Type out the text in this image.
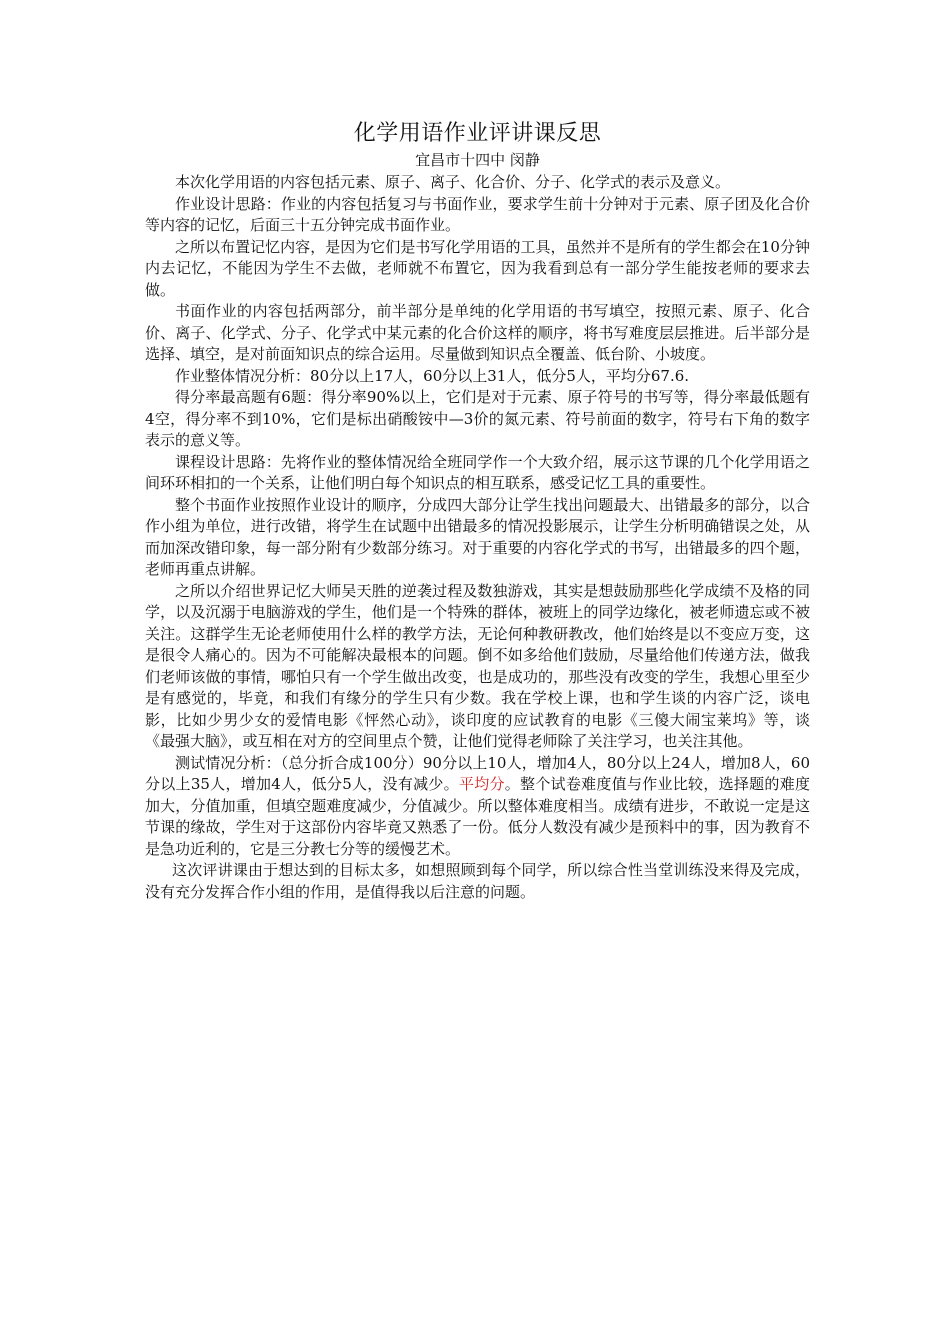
化学用语作业评讲课反思
宜昌市十四中 闵静

本次化学用语的内容包括元素、原子、离子、化合价、分子、化学式的表示及意义。

作业设计思路：作业的内容包括复习与书面作业，要求学生前十分钟对于元素、原子团及化合价等内容的记忆，后面三十五分钟完成书面作业。

之所以布置记忆内容，是因为它们是书写化学用语的工具，虽然并不是所有的学生都会在10分钟内去记忆，不能因为学生不去做，老师就不布置它，因为我看到总有一部分学生能按老师的要求去做。

书面作业的内容包括两部分，前半部分是单纯的化学用语的书写填空，按照元素、原子、化合价、离子、化学式、分子、化学式中某元素的化合价这样的顺序，将书写难度层层推进。后半部分是选择、填空，是对前面知识点的综合运用。尽量做到知识点全覆盖、低台阶、小坡度。

作业整体情况分析：80分以上17人，60分以上31人，低分5人，平均分67.6.

得分率最高题有6题：得分率90%以上，它们是对于元素、原子符号的书写等，得分率最低题有4空，得分率不到10%，它们是标出硝酸铵中—3价的氮元素、符号前面的数字，符号右下角的数字表示的意义等。

课程设计思路：先将作业的整体情况给全班同学作一个大致介绍，展示这节课的几个化学用语之间环环相扣的一个关系，让他们明白每个知识点的相互联系，感受记忆工具的重要性。

整个书面作业按照作业设计的顺序，分成四大部分让学生找出问题最大、出错最多的部分，以合作小组为单位，进行改错，将学生在试题中出错最多的情况投影展示，让学生分析明确错误之处，从而加深改错印象，每一部分附有少数部分练习。对于重要的内容化学式的书写，出错最多的四个题，老师再重点讲解。

之所以介绍世界记忆大师吴天胜的逆袭过程及数独游戏，其实是想鼓励那些化学成绩不及格的同学，以及沉溺于电脑游戏的学生，他们是一个特殊的群体，被班上的同学边缘化，被老师遗忘或不被关注。这群学生无论老师使用什么样的教学方法，无论何种教研教改，他们始终是以不变应万变，这是很令人痛心的。因为不可能解决最根本的问题。倒不如多给他们鼓励，尽量给他们传递方法，做我们老师该做的事情，哪怕只有一个学生做出改变，也是成功的，那些没有改变的学生，我想心里至少是有感觉的，毕竟，和我们有缘分的学生只有少数。我在学校上课，也和学生谈的内容广泛，谈电影，比如少男少女的爱情电影《怦然心动》，谈印度的应试教育的电影《三傻大闹宝莱坞》等，谈《最强大脑》，或互相在对方的空间里点个赞，让他们觉得老师除了关注学习，也关注其他。

测试情况分析：（总分折合成100分）90分以上10人，增加4人，80分以上24人，增加8人，60分以上35人，增加4人，低分5人，没有减少。平均分。整个试卷难度值与作业比较，选择题的难度加大，分值加重，但填空题难度减少，分值减少。所以整体难度相当。成绩有进步，不敢说一定是这节课的缘故，学生对于这部份内容毕竟又熟悉了一份。低分人数没有减少是预料中的事，因为教育不是急功近利的，它是三分教七分等的缓慢艺术。

这次评讲课由于想达到的目标太多，如想照顾到每个同学，所以综合性当堂训练没来得及完成，没有充分发挥合作小组的作用，是值得我以后注意的问题。
